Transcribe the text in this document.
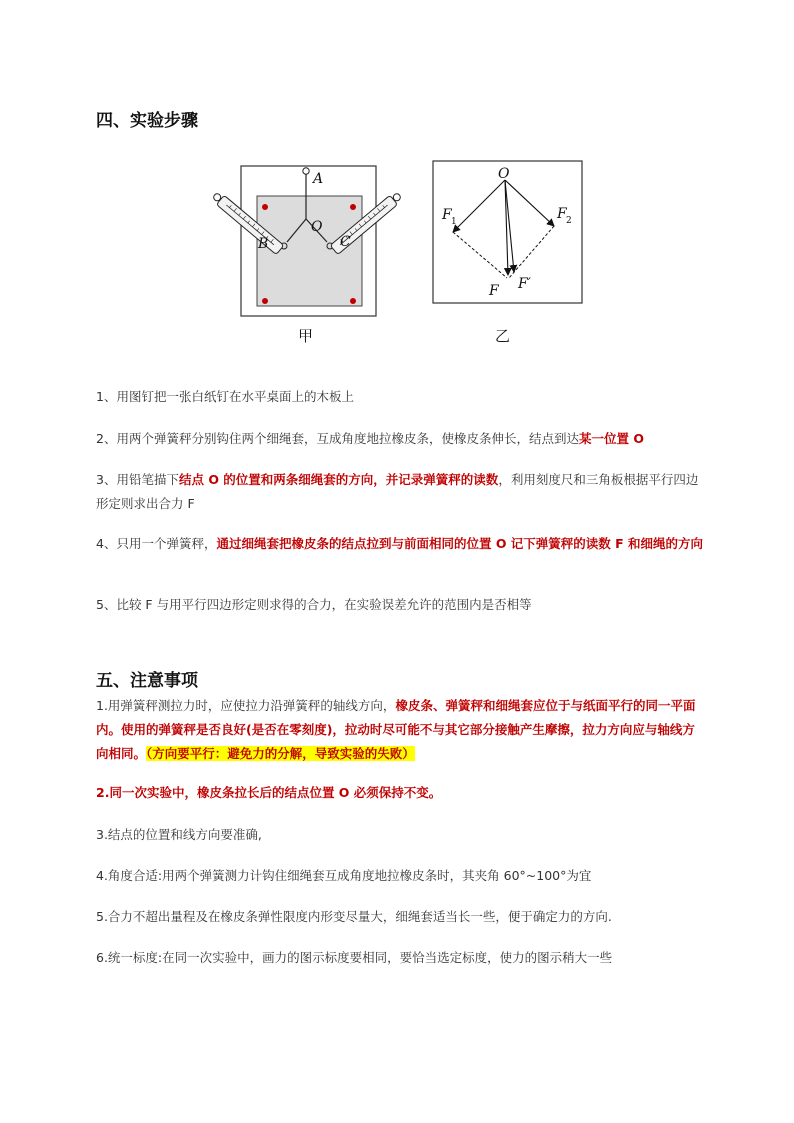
四、实验步骤
A
O
B	C
甲
O
F 1	F 2
F F′
乙
1、用图钉把一张白纸钉在水平桌面上的木板上
2、用两个弹簧秤分别钩住两个细绳套，互成角度地拉橡皮条，使橡皮条伸长，结点到达某一位置 O
3、用铅笔描下结点 O 的位置和两条细绳套的方向，并记录弹簧秤的读数，利用刻度尺和三角板根据平行四边形定则求出合力 F
4、只用一个弹簧秤，通过细绳套把橡皮条的结点拉到与前面相同的位置 O 记下弹簧秤的读数 F 和细绳的方向
5、比较 F 与用平行四边形定则求得的合力，在实验误差允许的范围内是否相等
五、注意事项
1.用弹簧秤测拉力时，应使拉力沿弹簧秤的轴线方向，橡皮条、弹簧秤和细绳套应位于与纸面平行的同一平面内。使用的弹簧秤是否良好(是否在零刻度)，拉动时尽可能不与其它部分接触产生摩擦，拉力方向应与轴线方向相同。（方向要平行：避免力的分解，导致实验的失败）
2.同一次实验中，橡皮条拉长后的结点位置 O 必须保持不变。
3.结点的位置和线方向要准确,
4.角度合适:用两个弹簧测力计钩住细绳套互成角度地拉橡皮条时，其夹角 60°~100°为宜
5.合力不超出量程及在橡皮条弹性限度内形变尽量大，细绳套适当长一些，便于确定力的方向.
6.统一标度:在同一次实验中，画力的图示标度要相同，要恰当选定标度，使力的图示稍大一些
